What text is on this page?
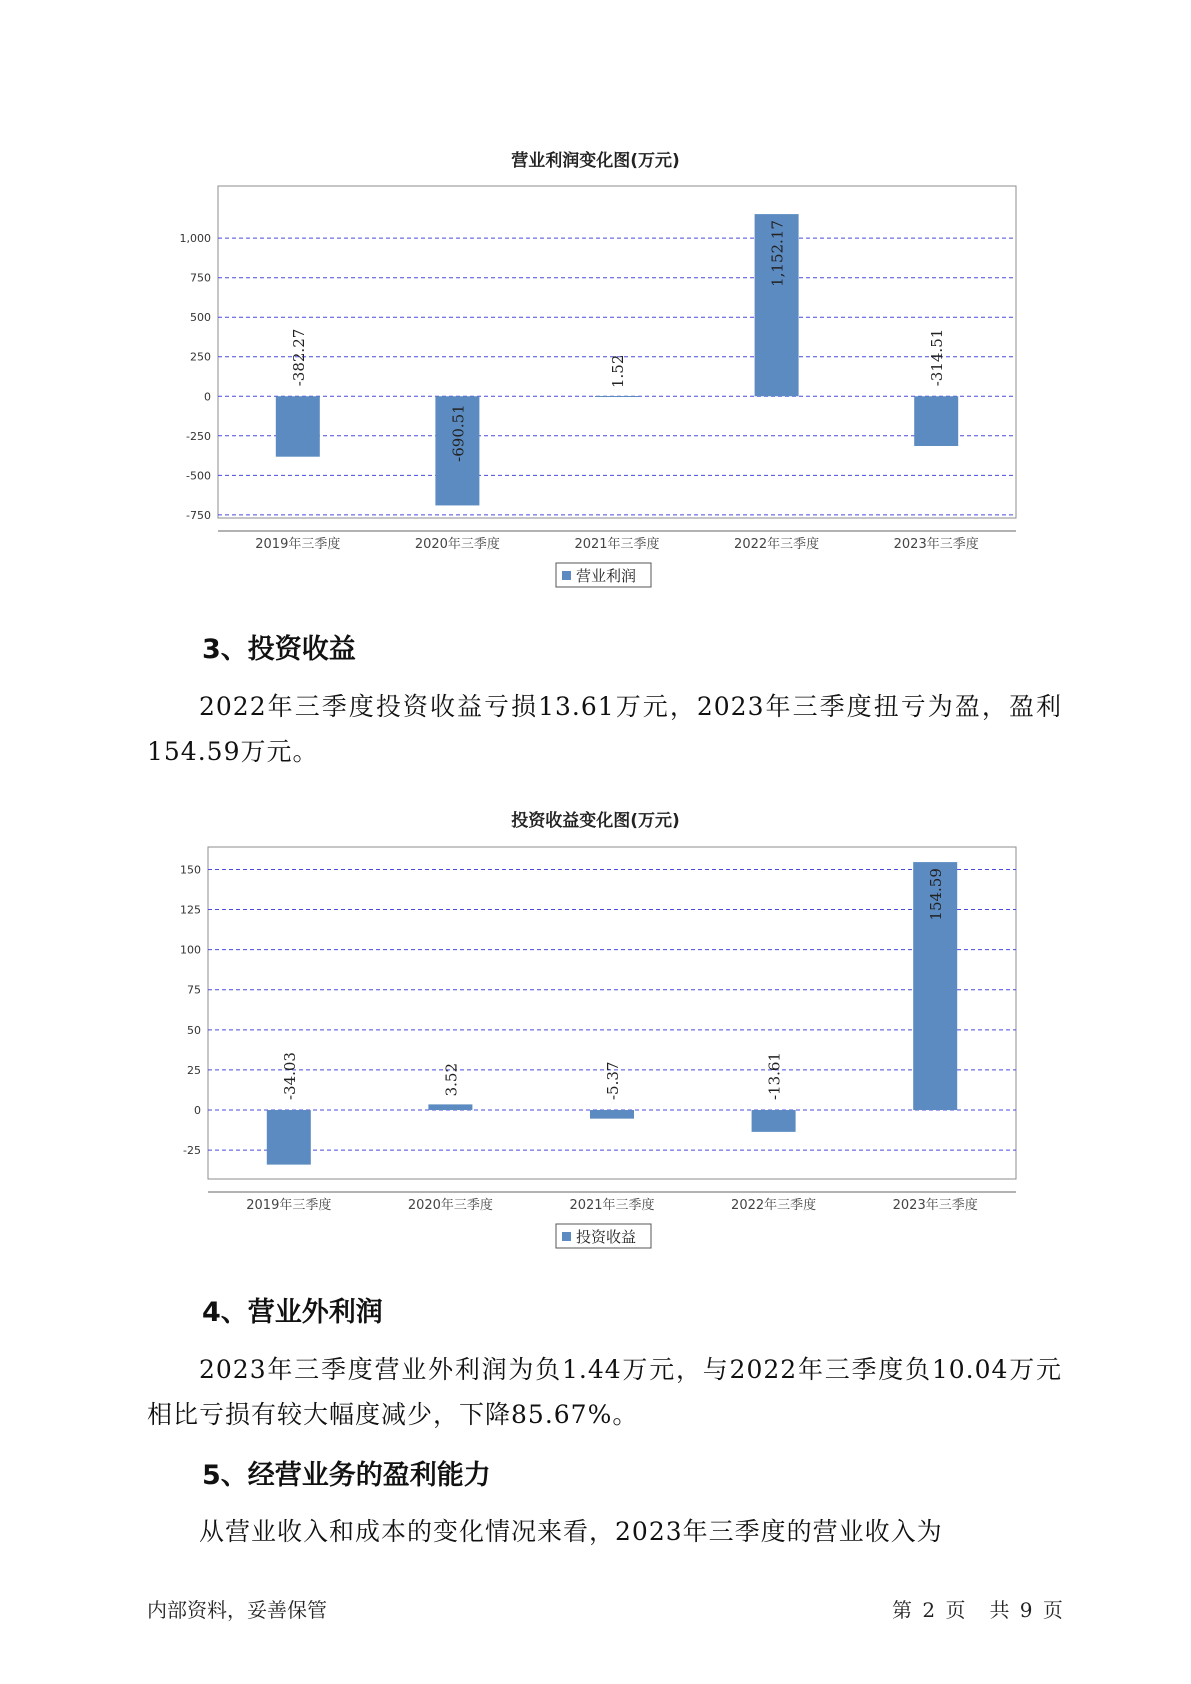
营业利润变化图(万元)
-750
-500
-250
0
250
500
750
1,000
-382.27
2019年三季度
-690.51
2020年三季度
1.52
2021年三季度
1,152.17
2022年三季度
-314.51
2023年三季度
营业利润
3、投资收益
2022年三季度投资收益亏损13.61万元，2023年三季度扭亏为盈，盈利154.59万元。
投资收益变化图(万元)
-25
0
25
50
75
100
125
150
-34.03
2019年三季度
3.52
2020年三季度
-5.37
2021年三季度
-13.61
2022年三季度
154.59
2023年三季度
投资收益
4、营业外利润
2023年三季度营业外利润为负1.44万元，与2022年三季度负10.04万元相比亏损有较大幅度减少，下降85.67%。
5、经营业务的盈利能力
从营业收入和成本的变化情况来看，2023年三季度的营业收入为
内部资料，妥善保管	第 2 页　共 9 页
